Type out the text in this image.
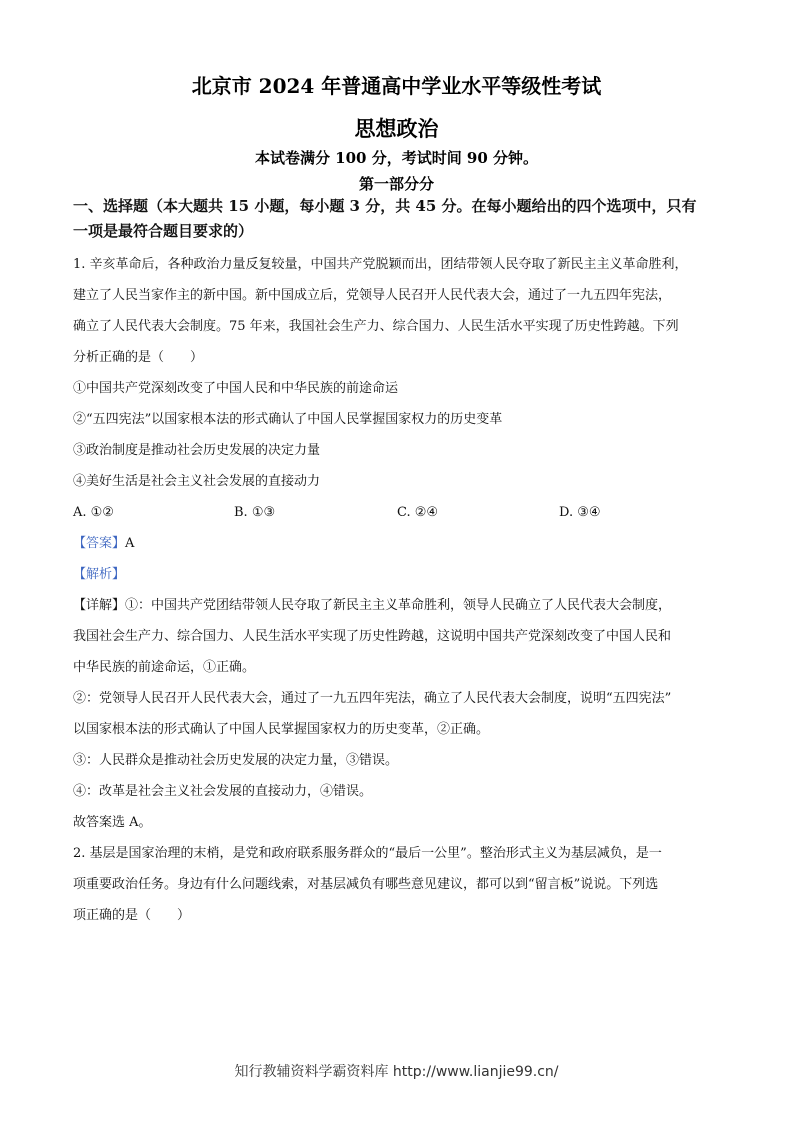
北京市 2024 年普通高中学业水平等级性考试
思想政治
本试卷满分 100 分，考试时间 90 分钟。
第一部分分
一、选择题（本大题共 15 小题，每小题 3 分，共 45 分。在每小题给出的四个选项中，只有
一项是最符合题目要求的）
1. 辛亥革命后，各种政治力量反复较量，中国共产党脱颖而出，团结带领人民夺取了新民主主义革命胜利，
建立了人民当家作主的新中国。新中国成立后，党领导人民召开人民代表大会，通过了一九五四年宪法，
确立了人民代表大会制度。75 年来，我国社会生产力、综合国力、人民生活水平实现了历史性跨越。下列
分析正确的是（　　）
①中国共产党深刻改变了中国人民和中华民族的前途命运
②“五四宪法”以国家根本法的形式确认了中国人民掌握国家权力的历史变革
③政治制度是推动社会历史发展的决定力量
④美好生活是社会主义社会发展的直接动力
A. ①②	B. ①③	C. ②④	D. ③④
【答案】A
【解析】
【详解】①：中国共产党团结带领人民夺取了新民主主义革命胜利，领导人民确立了人民代表大会制度，
我国社会生产力、综合国力、人民生活水平实现了历史性跨越，这说明中国共产党深刻改变了中国人民和
中华民族的前途命运，①正确。
②：党领导人民召开人民代表大会，通过了一九五四年宪法，确立了人民代表大会制度，说明“五四宪法”
以国家根本法的形式确认了中国人民掌握国家权力的历史变革，②正确。
③：人民群众是推动社会历史发展的决定力量，③错误。
④：改革是社会主义社会发展的直接动力，④错误。
故答案选 A。
2. 基层是国家治理的末梢，是党和政府联系服务群众的“最后一公里”。整治形式主义为基层减负，是一
项重要政治任务。身边有什么问题线索，对基层减负有哪些意见建议，都可以到“留言板”说说。下列选
项正确的是（　　）
知行教辅资料学霸资料库 http://www.lianjie99.cn/
